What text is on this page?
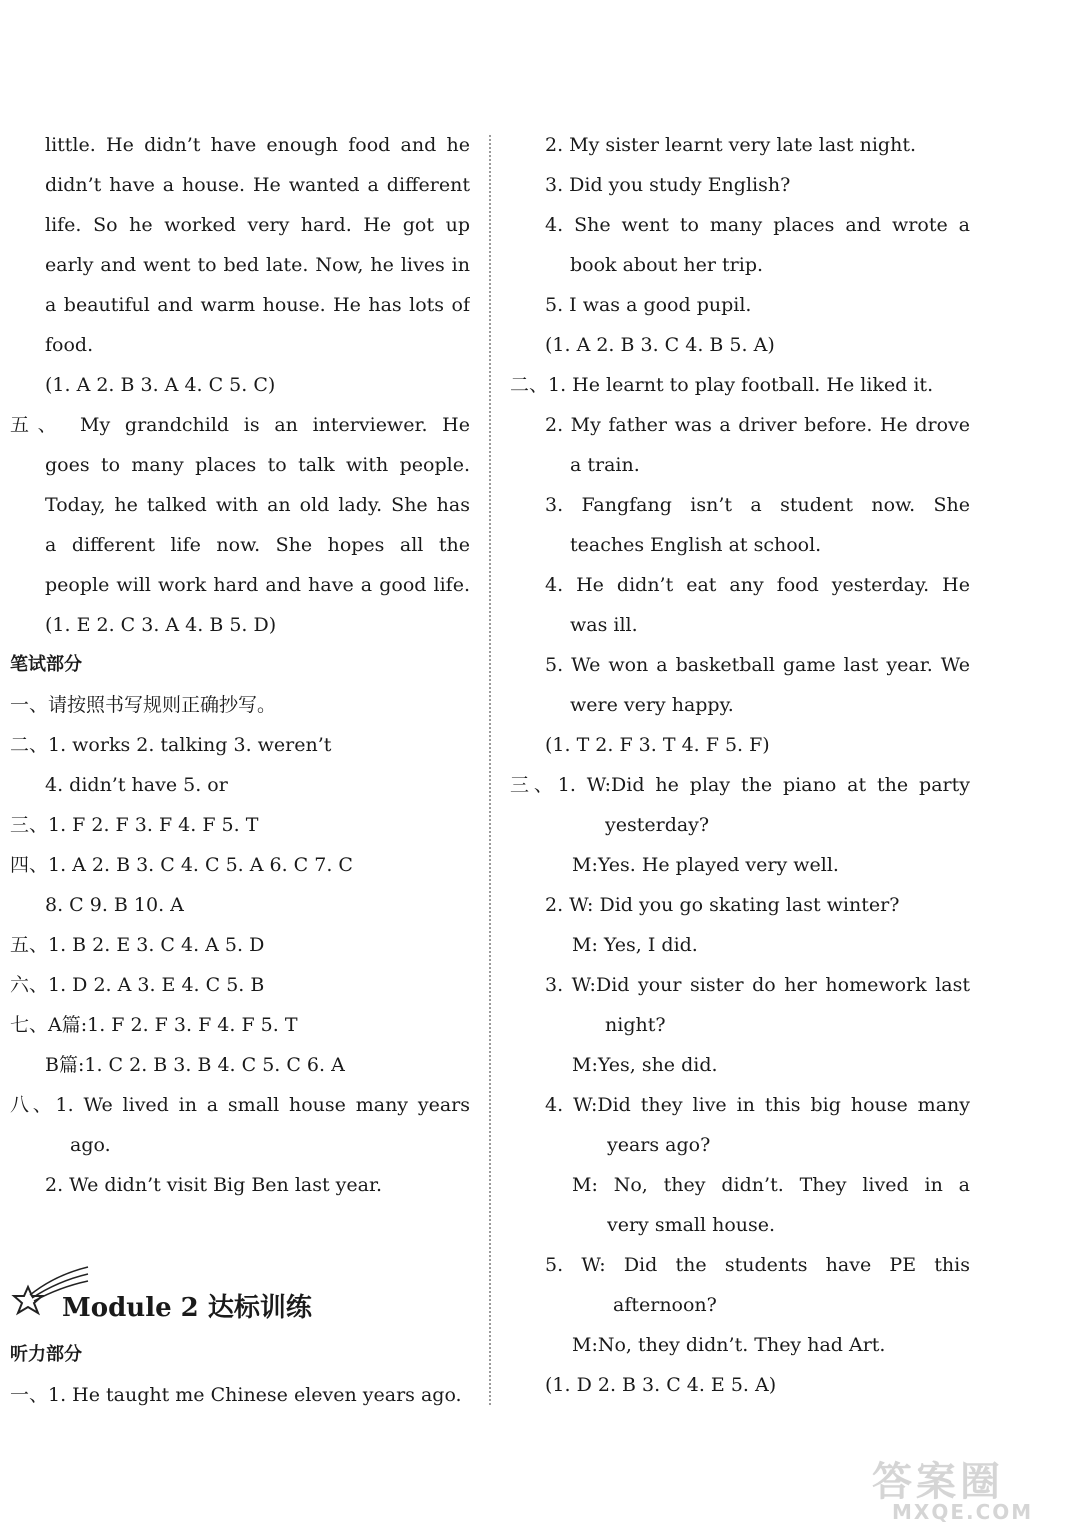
little. He didn’t have enough food and he
didn’t have a house. He wanted a different
life. So he worked very hard. He got up
early and went to bed late. Now, he lives in
a beautiful and warm house. He has lots of
food.
(1. A 2. B 3. A 4. C 5. C)
五、 My grandchild is an interviewer. He
goes to many places to talk with people.
Today, he talked with an old lady. She has
a different life now. She hopes all the
people will work hard and have a good life.
(1. E 2. C 3. A 4. B 5. D)
笔试部分
一、请按照书写规则正确抄写。
二、1. works 2. talking 3. weren’t
4. didn’t have 5. or
三、1. F 2. F 3. F 4. F 5. T
四、1. A 2. B 3. C 4. C 5. A 6. C 7. C
8. C 9. B 10. A
五、1. B 2. E 3. C 4. A 5. D
六、1. D 2. A 3. E 4. C 5. B
七、A篇:1. F 2. F 3. F 4. F 5. T
B篇:1. C 2. B 3. B 4. C 5. C 6. A
八、1. We lived in a small house many years
ago.
2. We didn’t visit Big Ben last year.
Module 2 达标训练
听力部分
一、1. He taught me Chinese eleven years ago.
2. My sister learnt very late last night.
3. Did you study English?
4. She went to many places and wrote a
book about her trip.
5. I was a good pupil.
(1. A 2. B 3. C 4. B 5. A)
二、1. He learnt to play football. He liked it.
2. My father was a driver before. He drove
a train.
3. Fangfang isn’t a student now. She
teaches English at school.
4. He didn’t eat any food yesterday. He
was ill.
5. We won a basketball game last year. We
were very happy.
(1. T 2. F 3. T 4. F 5. F)
三、1. W:Did he play the piano at the party
yesterday?
M:Yes. He played very well.
2. W: Did you go skating last winter?
M: Yes, I did.
3. W:Did your sister do her homework last
night?
M:Yes, she did.
4. W:Did they live in this big house many
years ago?
M: No, they didn’t. They lived in a
very small house.
5. W: Did the students have PE this
afternoon?
M:No, they didn’t. They had Art.
(1. D 2. B 3. C 4. E 5. A)
答案圈
MXQE.COM
